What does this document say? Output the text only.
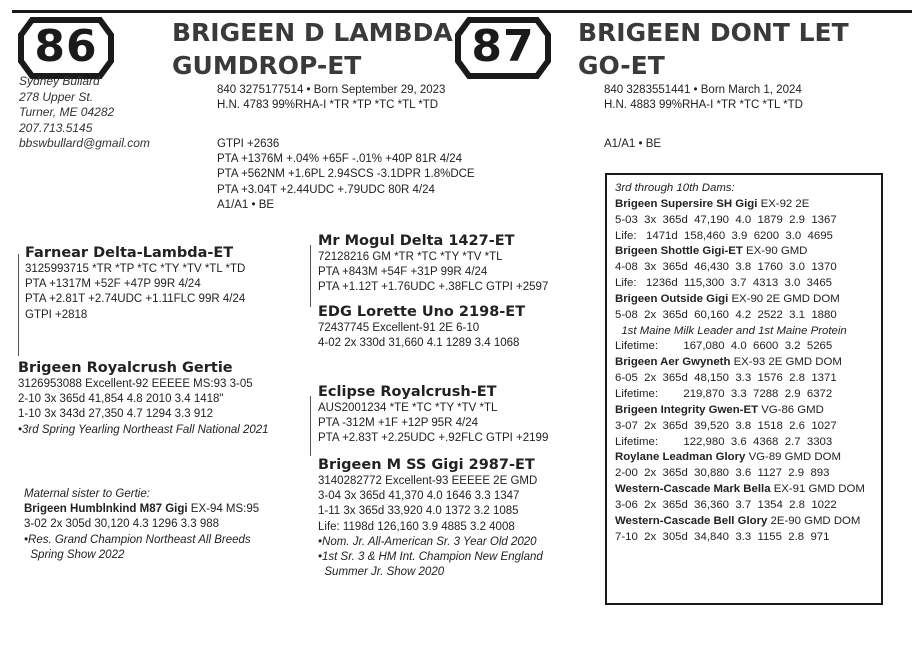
86	BRIGEEN D LAMBDA
GUMDROP-ET
Sydney Bullard
278 Upper St.
Turner, ME 04282
207.713.5145
bbswbullard@gmail.com
840 3275177514 • Born September 29, 2023
H.N. 4783 99%RHA-I *TR *TP *TC *TL *TD
GTPI +2636
PTA +1376M +.04% +65F -.01% +40P 81R 4/24
PTA +562NM +1.6PL 2.94SCS -3.1DPR 1.8%DCE
PTA +3.04T +2.44UDC +.79UDC 80R 4/24
A1/A1 • BE
Farnear Delta-Lambda-ET
3125993715 *TR *TP *TC *TY *TV *TL *TD
PTA +1317M +52F +47P 99R 4/24
PTA +2.81T +2.74UDC +1.11FLC 99R 4/24
GTPI +2818
Brigeen Royalcrush Gertie
3126953088 Excellent-92 EEEEE MS:93 3-05
2-10 3x 365d 41,854 4.8 2010 3.4 1418"
1-10 3x 343d 27,350 4.7 1294 3.3 912
•3rd Spring Yearling Northeast Fall National 2021
Mr Mogul Delta 1427-ET
72128216 GM *TR *TC *TY *TV *TL
PTA +843M +54F +31P 99R 4/24
PTA +1.12T +1.76UDC +.38FLC GTPI +2597
EDG Lorette Uno 2198-ET
72437745 Excellent-91 2E 6-10
4-02 2x 330d 31,660 4.1 1289 3.4 1068
Maternal sister to Gertie:
Brigeen Humblnkind M87 Gigi EX-94 MS:95
3-02 2x 305d 30,120 4.3 1296 3.3 988
•Res. Grand Champion Northeast All Breeds
Spring Show 2022
87	BRIGEEN DONT LET
GO-ET
840 3283551441 • Born March 1, 2024
H.N. 4883 99%RHA-I *TR *TC *TL *TD
A1/A1 • BE
Eclipse Royalcrush-ET
AUS2001234 *TE *TC *TY *TV *TL
PTA -312M +1F +12P 95R 4/24
PTA +2.83T +2.25UDC +.92FLC GTPI +2199
Brigeen M SS Gigi 2987-ET
3140282772 Excellent-93 EEEEE 2E GMD
3-04 3x 365d 41,370 4.0 1646 3.3 1347
1-11 3x 365d 33,920 4.0 1372 3.2 1085
Life: 1198d 126,160 3.9 4885 3.2 4008
•Nom. Jr. All-American Sr. 3 Year Old 2020
•1st Sr. 3 & HM Int. Champion New England
Summer Jr. Show 2020
3rd through 10th Dams:
Brigeen Supersire SH Gigi EX-92 2E
5-03  3x  365d  47,190  4.0  1879  2.9  1367
Life:   1471d  158,460  3.9  6200  3.0  4695
Brigeen Shottle Gigi-ET EX-90 GMD
4-08  3x  365d  46,430  3.8  1760  3.0  1370
Life:   1236d  115,300  3.7  4313  3.0  3465
Brigeen Outside Gigi EX-90 2E GMD DOM
5-08  2x  365d  60,160  4.2  2522  3.1  1880
1st Maine Milk Leader and 1st Maine Protein
Lifetime:        167,080  4.0  6600  3.2  5265
Brigeen Aer Gwyneth EX-93 2E GMD DOM
6-05  2x  365d  48,150  3.3  1576  2.8  1371
Lifetime:        219,870  3.3  7288  2.9  6372
Brigeen Integrity Gwen-ET VG-86 GMD
3-07  2x  365d  39,520  3.8  1518  2.6  1027
Lifetime:        122,980  3.6  4368  2.7  3303
Roylane Leadman Glory VG-89 GMD DOM
2-00  2x  365d  30,880  3.6  1127  2.9  893
Western-Cascade Mark Bella EX-91 GMD DOM
3-06  2x  365d  36,360  3.7  1354  2.8  1022
Western-Cascade Bell Glory 2E-90 GMD DOM
7-10  2x  305d  34,840  3.3  1155  2.8  971
